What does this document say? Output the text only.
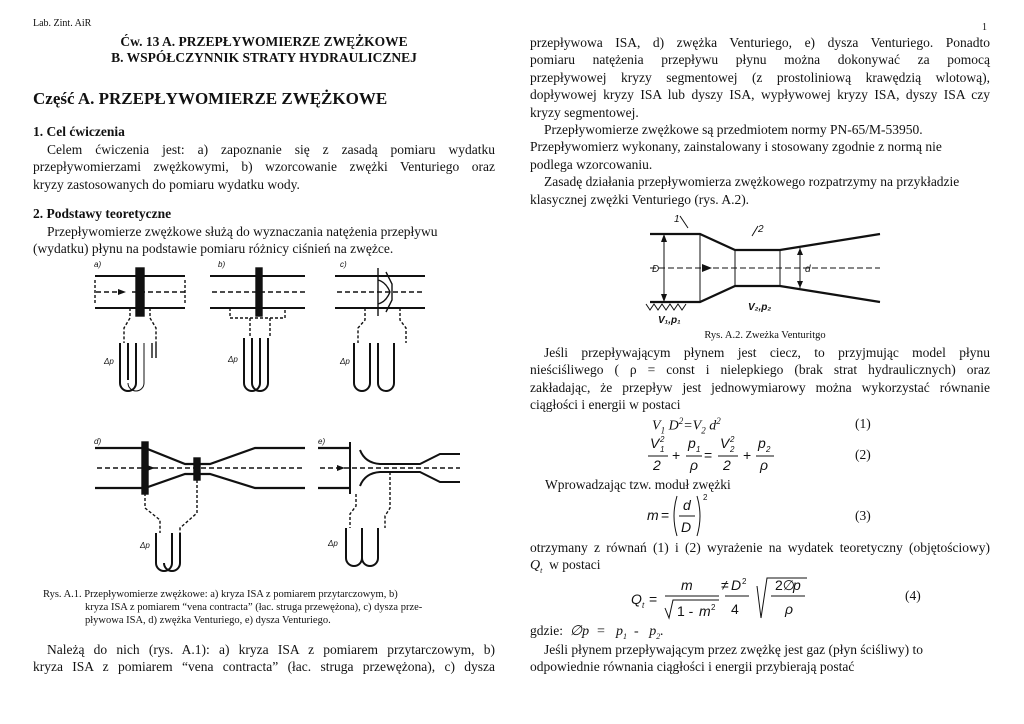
Lab. Zint. AiR	1
Ćw. 13 A. PRZEPŁYWOMIERZE ZWĘŻKOWE
B. WSPÓŁCZYNNIK STRATY HYDRAULICZNEJ
Część A. PRZEPŁYWOMIERZE ZWĘŻKOWE
1. Cel ćwiczenia
Celem ćwiczenia jest: a) zapoznanie się z zasadą pomiaru wydatku
przepływomierzami zwężkowymi, b) wzorcowanie zwężki Venturiego oraz
kryzy zastosowanych do pomiaru wydatku wody.
2. Podstawy teoretyczne
Przepływomierze zwężkowe służą do wyznaczania natężenia przepływu
(wydatku) płynu na podstawie pomiaru różnicy ciśnień na zwężce.
a)	b)	c)
d)	e)
Δp	Δp	Δp
Δp	Δp
Rys. A.1. Przepływomierze zwężkowe: a) kryza ISA z pomiarem przytarczowym, b)
kryza ISA z pomiarem “vena contracta” (łac. struga przewężona), c) dysza prze-
pływowa ISA, d) zwężka Venturiego, e) dysza Venturiego.
Należą do nich (rys. A.1): a) kryza ISA z pomiarem przytarczowym, b)
kryza ISA z pomiarem “vena contracta” (łac. struga przewężona), c) dysza
przepływowa ISA, d) zwężka Venturiego, e) dysza Venturiego. Ponadto
pomiaru natężenia przepływu płynu można dokonywać za pomocą
przepływowej kryzy segmentowej (z prostoliniową krawędzią wlotową),
dopływowej kryzy ISA lub dyszy ISA, wypływowej kryzy ISA, dyszy ISA czy
kryzy segmentowej.
Przepływomierze zwężkowe są przedmiotem normy PN-65/M-53950.
Przepływomierz wykonany, zainstalowany i stosowany zgodnie z normą nie
podlega wzorcowaniu.
Zasadę działania przepływomierza zwężkowego rozpatrzymy na przykładzie
klasycznej zwężki Venturiego (rys. A.2).
1
2
D	d
V₁,p₁
V₂,p₂
Rys. A.2. Zweżka Venturitgo
Jeśli przepływającym płynem jest ciecz, to przyjmując model płynu
nieściśliwego ( ρ = const i nielepkiego (brak strat hydraulicznych) oraz
zakładając, że przepływ jest jednowymiarowy można wykorzystać równanie
ciągłości i energii w postaci
$V_1$ $D^2=V_2$ $d^2$	(1)
V 1
2
2
+
p 1
ρ
=
V 2
2
2
+
p 2
ρ
(2)
Wprowadzając tzw. moduł zwężki
m =
d
D
2
(3)
otrzymany z równań (1) i (2) wyrażenie na wydatek teoretyczny (objętościowy)
$Q_t$ w postaci
Q t =
m
1 - m 2
≠ D 2
4
2∅
p
ρ
(4)
gdzie:  ∅p  =   $p_1 - p_2$.
Jeśli płynem przepływającym przez zwężkę jest gaz (płyn ściśliwy) to
odpowiednie równania ciągłości i energii przybierają postać
